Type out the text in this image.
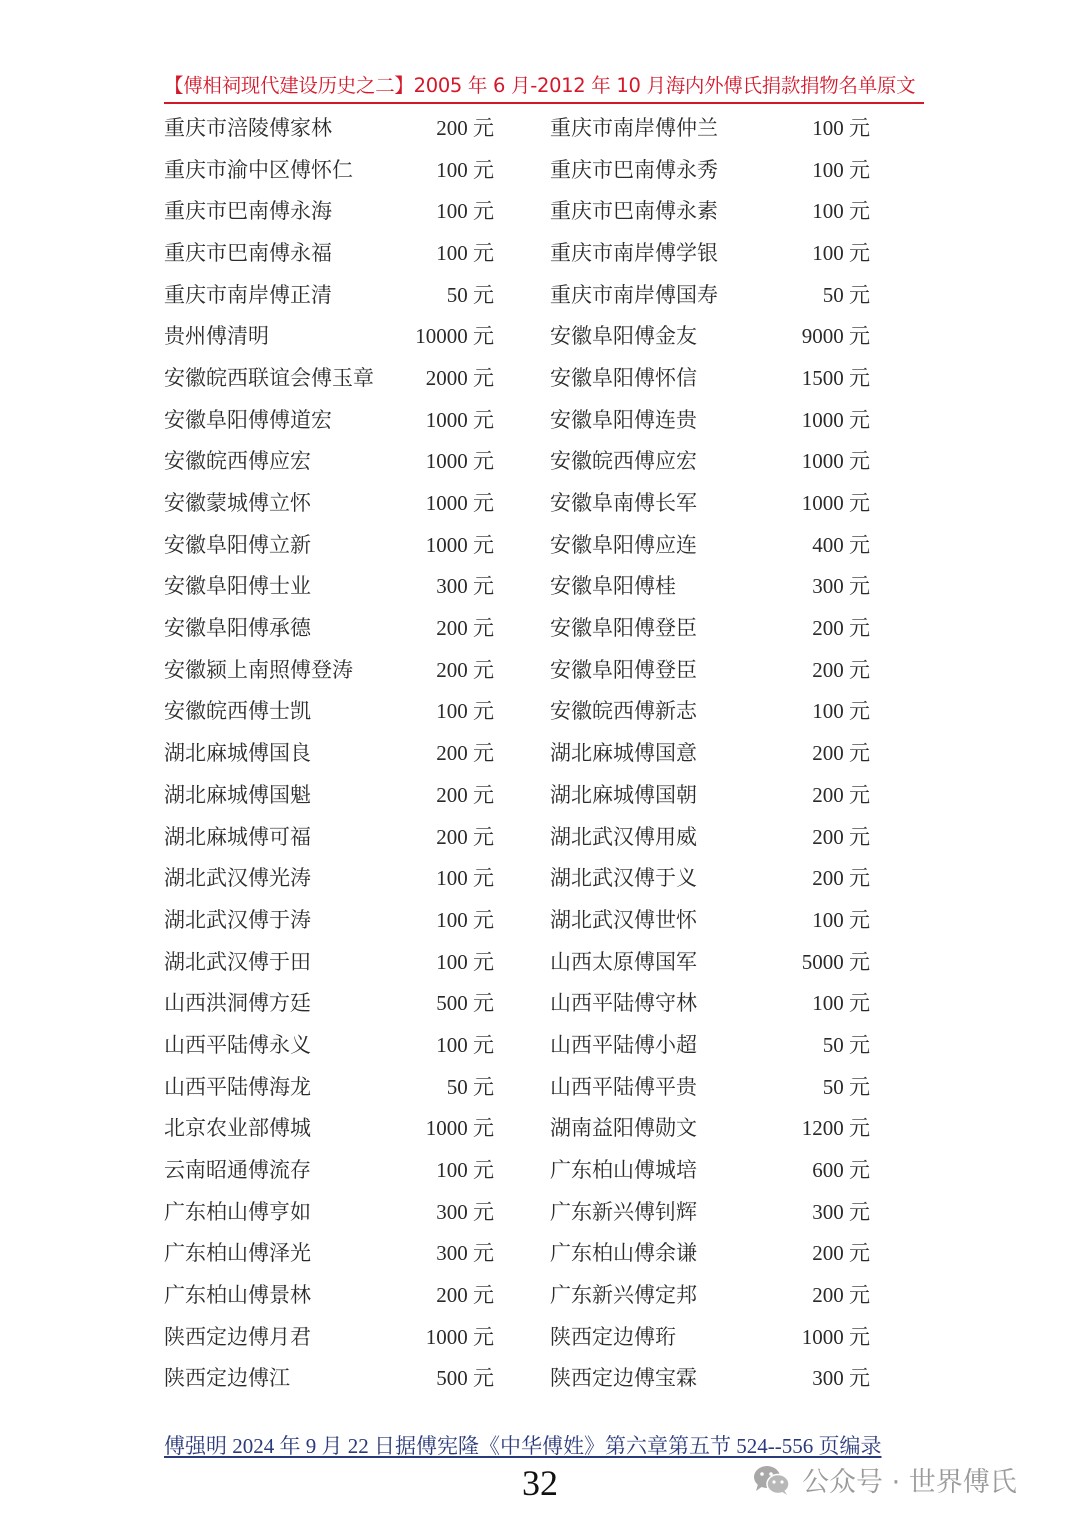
【傅相祠现代建设历史之二】2005 年 6 月-2012 年 10 月海内外傅氏捐款捐物名单原文
重庆市涪陵傅家林	200 元	重庆市南岸傅仲兰	100 元
重庆市渝中区傅怀仁	100 元	重庆市巴南傅永秀	100 元
重庆市巴南傅永海	100 元	重庆市巴南傅永素	100 元
重庆市巴南傅永福	100 元	重庆市南岸傅学银	100 元
重庆市南岸傅正清	50 元	重庆市南岸傅国寿	50 元
贵州傅清明	10000 元	安徽阜阳傅金友	9000 元
安徽皖西联谊会傅玉章 2000 元	安徽阜阳傅怀信	1500 元
安徽阜阳傅傅道宏	1000 元	安徽阜阳傅连贵	1000 元
安徽皖西傅应宏	1000 元	安徽皖西傅应宏	1000 元
安徽蒙城傅立怀	1000 元	安徽阜南傅长军	1000 元
安徽阜阳傅立新	1000 元	安徽阜阳傅应连	400 元
安徽阜阳傅士业	300 元	安徽阜阳傅桂	300 元
安徽阜阳傅承德	200 元	安徽阜阳傅登臣	200 元
安徽颍上南照傅登涛	200 元	安徽阜阳傅登臣	200 元
安徽皖西傅士凯	100 元	安徽皖西傅新志	100 元
湖北麻城傅国良	200 元	湖北麻城傅国意	200 元
湖北麻城傅国魁	200 元	湖北麻城傅国朝	200 元
湖北麻城傅可福	200 元	湖北武汉傅用威	200 元
湖北武汉傅光涛	100 元	湖北武汉傅于义	200 元
湖北武汉傅于涛	100 元	湖北武汉傅世怀	100 元
湖北武汉傅于田	100 元	山西太原傅国军	5000 元
山西洪洞傅方廷	500 元	山西平陆傅守林	100 元
山西平陆傅永义	100 元	山西平陆傅小超	50 元
山西平陆傅海龙	50 元	山西平陆傅平贵	50 元
北京农业部傅城	1000 元	湖南益阳傅勋文	1200 元
云南昭通傅流存	100 元	广东柏山傅城培	600 元
广东柏山傅亨如	300 元	广东新兴傅钊辉	300 元
广东柏山傅泽光	300 元	广东柏山傅余谦	200 元
广东柏山傅景林	200 元	广东新兴傅定邦	200 元
陕西定边傅月君	1000 元	陕西定边傅珩	1000 元
陕西定边傅江	500 元	陕西定边傅宝霖	300 元
傅强明 2024 年 9 月 22 日据傅宪隆《中华傅姓》第六章第五节 524--556 页编录
32	公众号 · 世界傅氏
